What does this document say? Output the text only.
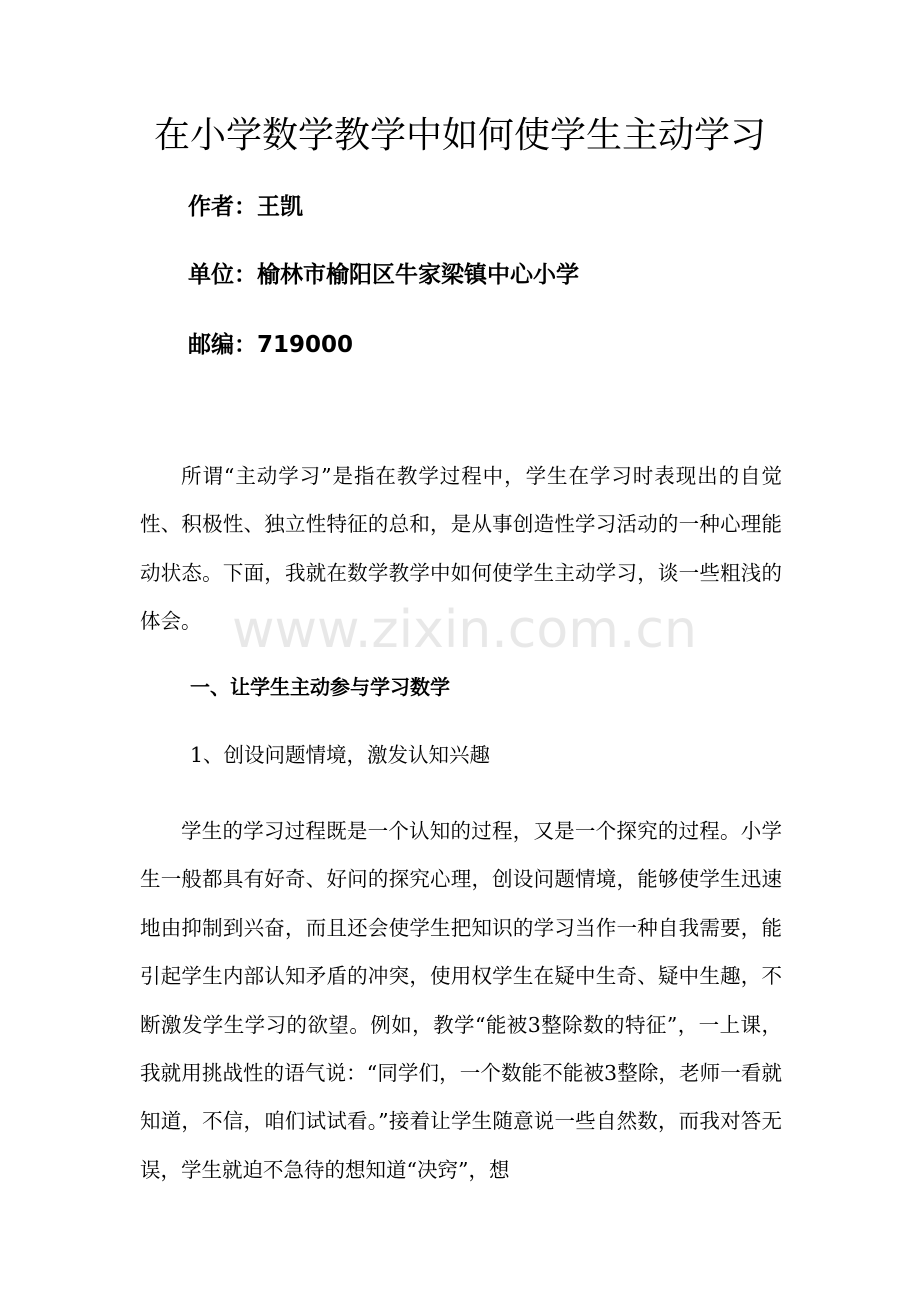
在小学数学教学中如何使学生主动学习
作者：王凯
单位：榆林市榆阳区牛家梁镇中心小学
邮编：719000

所谓“主动学习”是指在教学过程中，学生在学习时表现出的自觉性、积极性、独立性特征的总和，是从事创造性学习活动的一种心理能动状态。下面，我就在数学教学中如何使学生主动学习，谈一些粗浅的体会。 www.zixin.com.cn
一、让学生主动参与学习数学
1、创设问题情境，激发认知兴趣

学生的学习过程既是一个认知的过程，又是一个探究的过程。小学生一般都具有好奇、好问的探究心理，创设问题情境，能够使学生迅速地由抑制到兴奋，而且还会使学生把知识的学习当作一种自我需要，能引起学生内部认知矛盾的冲突，使用权学生在疑中生奇、疑中生趣，不断激发学生学习的欲望。例如，教学“能被3整除数的特征”，一上课，我就用挑战性的语气说：“同学们，一个数能不能被3整除，老师一看就知道，不信，咱们试试看。”接着让学生随意说一些自然数，而我对答无误，学生就迫不急待的想知道“决窍”，想
